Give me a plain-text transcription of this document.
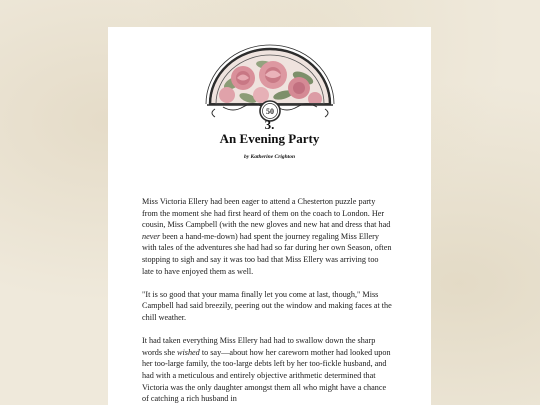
50
3.
An Evening Party
by Katherine Crighton

Miss Victoria Ellery had been eager to attend a Chesterton puzzle party from the moment she had first heard of them on the coach to London. Her cousin, Miss Campbell (with the new gloves and new hat and dress that had never been a hand-me-down) had spent the journey regaling Miss Ellery with tales of the adventures she had had so far during her own Season, often stopping to sigh and say it was too bad that Miss Ellery was arriving too late to have enjoyed them as well.

"It is so good that your mama finally let you come at last, though," Miss Campbell had said breezily, peering out the window and making faces at the chill weather.

It had taken everything Miss Ellery had had to swallow down the sharp words she wished to say—about how her careworn mother had looked upon her too-large family, the too-large debts left by her too-fickle husband, and had with a meticulous and entirely objective arithmetic determined that Victoria was the only daughter amongst them all who might have a chance of catching a rich husband in
